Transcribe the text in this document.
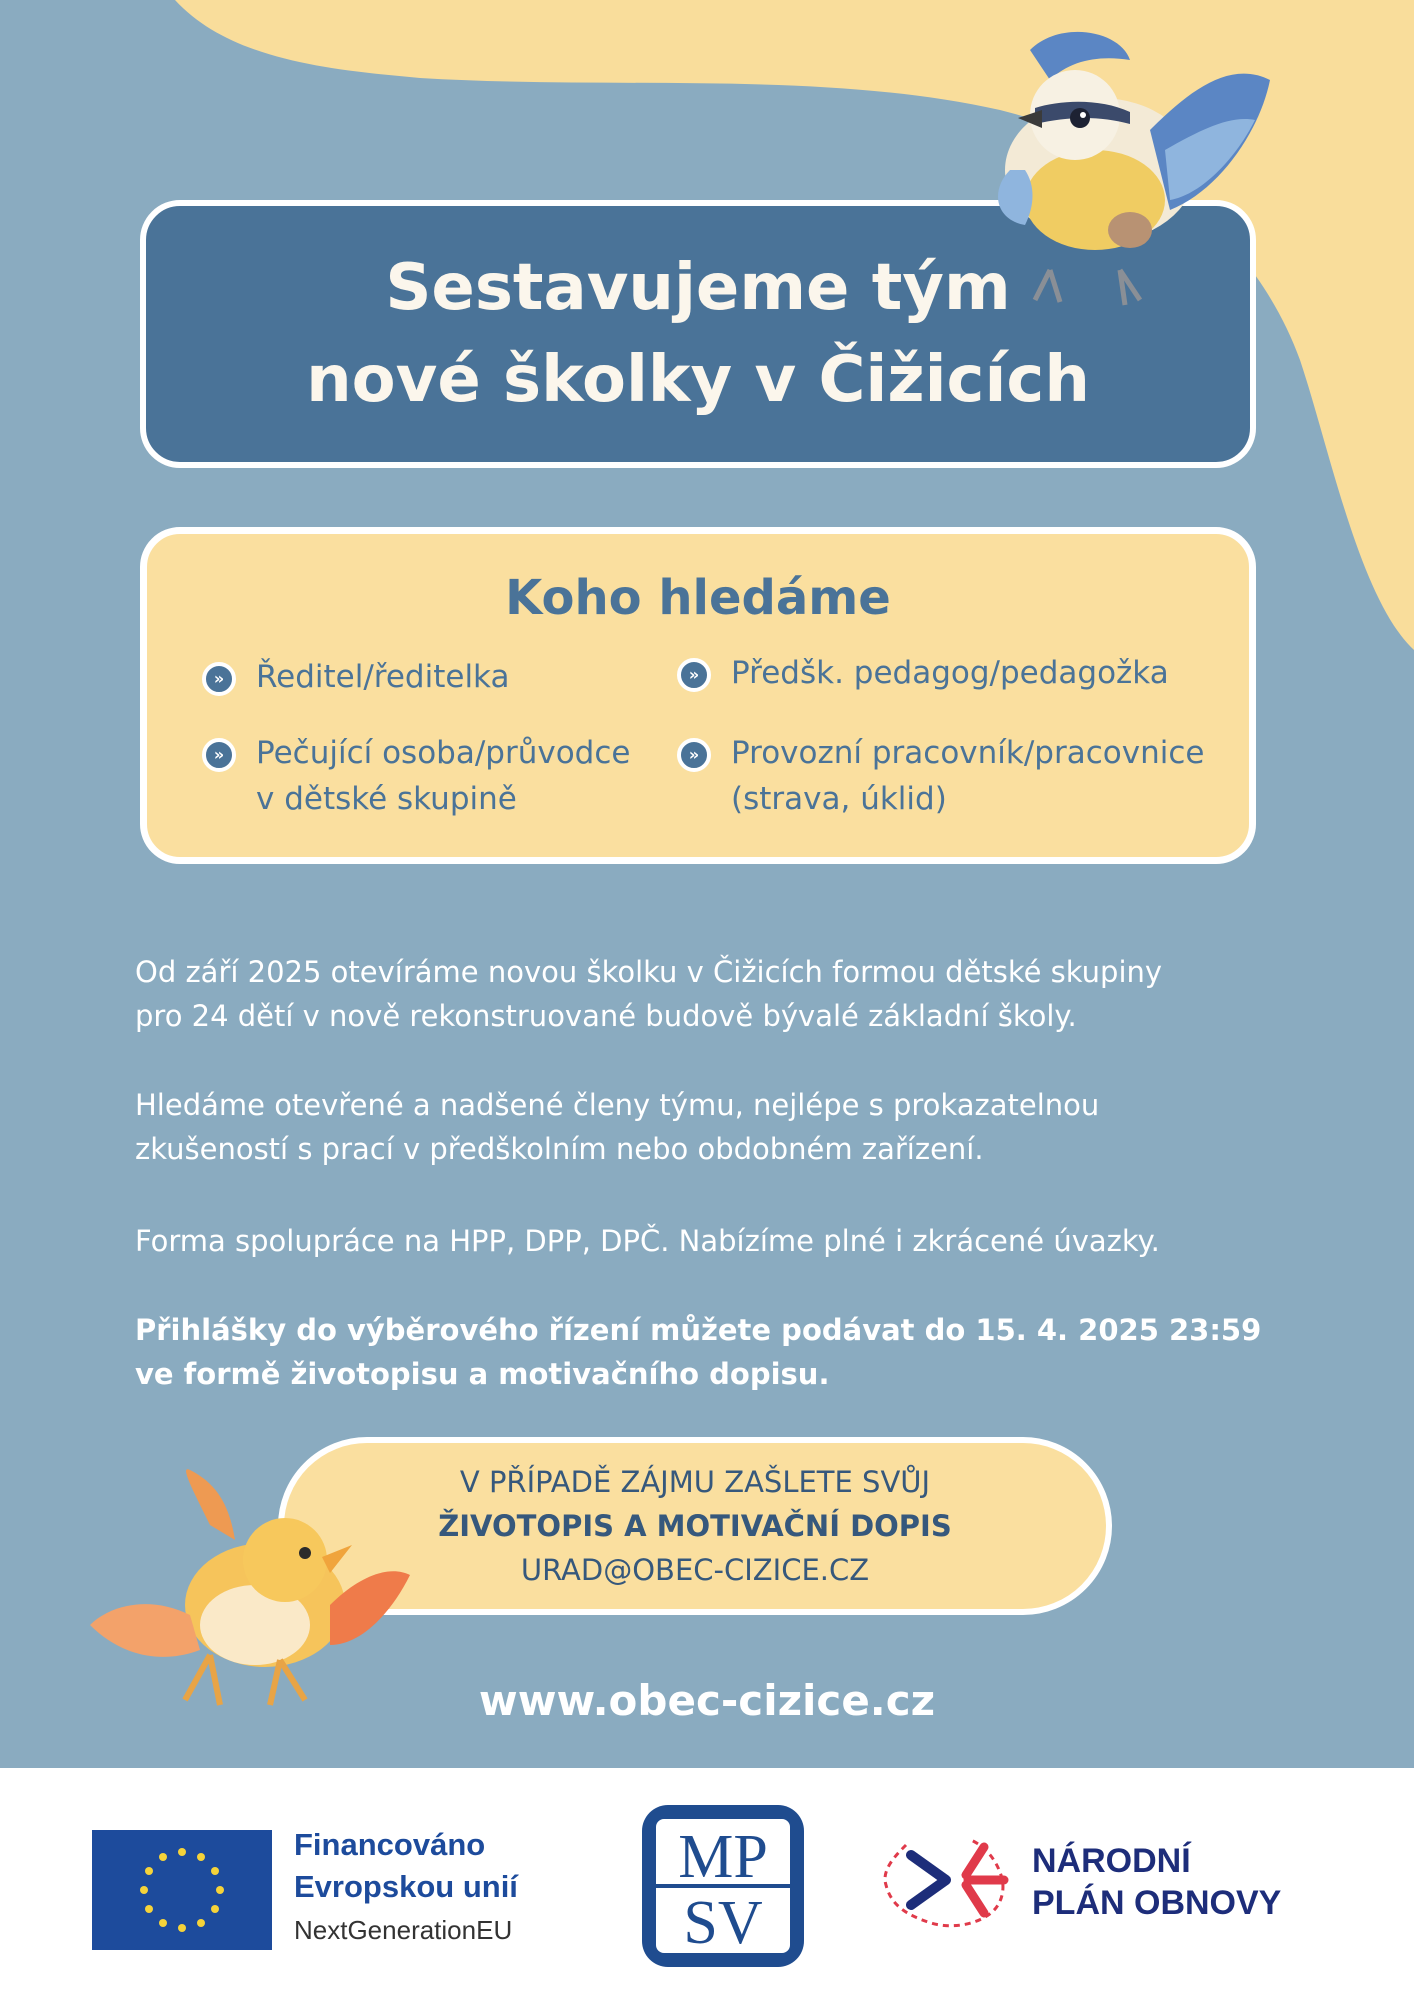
Sestavujeme tým
nové školky v Čižicích
Koho hledáme
»	Ředitel/ředitelka	»	Předšk. pedagog/pedagožka
»	Pečující osoba/průvodce
v dětské skupině
»	Provozní pracovník/pracovnice
(strava, úklid)
Od září 2025 otevíráme novou školku v Čižicích formou dětské skupiny
pro 24 dětí v nově rekonstruované budově bývalé základní školy.
Hledáme otevřené a nadšené členy týmu, nejlépe s prokazatelnou
zkušeností s prací v předškolním nebo obdobném zařízení.
Forma spolupráce na HPP, DPP, DPČ. Nabízíme plné i zkrácené úvazky.
Přihlášky do výběrového řízení můžete podávat do 15. 4. 2025 23:59
ve formě životopisu a motivačního dopisu.
V PŘÍPADĚ ZÁJMU ZAŠLETE SVŮJ
ŽIVOTOPIS A MOTIVAČNÍ DOPIS
URAD@OBEC-CIZICE.CZ
www.obec-cizice.cz
Financováno
Evropskou unií
NextGenerationEU
MP
SV
NÁRODNÍ
PLÁN OBNOVY
